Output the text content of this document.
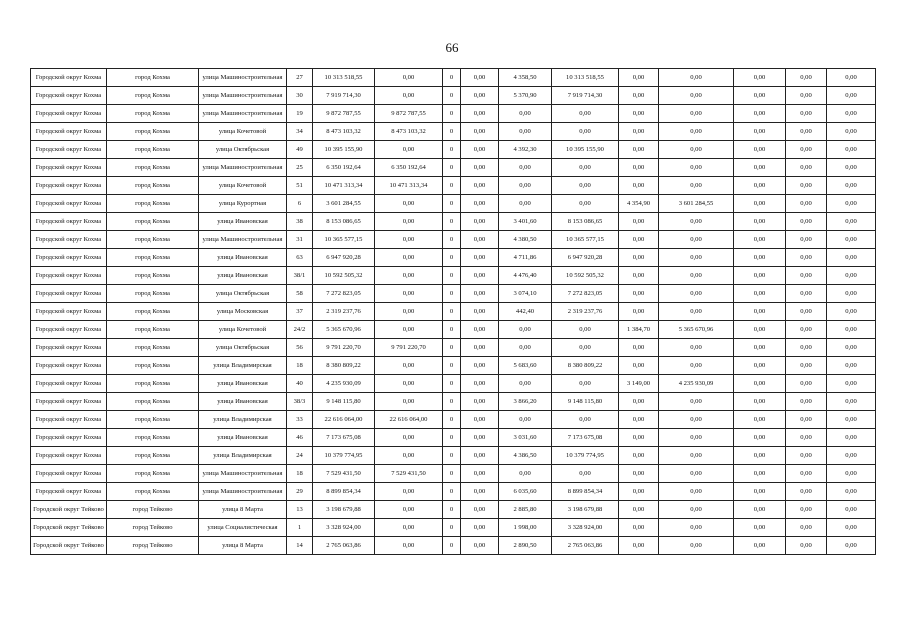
66
Городской округ Кохма	город Кохма	улица Машиностроительная	27	10 313 518,55	0,00	0	0,00	4 358,50	10 313 518,55	0,00	0,00	0,00	0,00	0,00
Городской округ Кохма	город Кохма	улица Машиностроительная	30	7 919 714,30	0,00	0	0,00	5 370,90	7 919 714,30	0,00	0,00	0,00	0,00	0,00
Городской округ Кохма	город Кохма	улица Машиностроительная	19	9 872 787,55	9 872 787,55	0	0,00	0,00	0,00	0,00	0,00	0,00	0,00	0,00
Городской округ Кохма	город Кохма	улица Кочетовой	34	8 473 103,32	8 473 103,32	0	0,00	0,00	0,00	0,00	0,00	0,00	0,00	0,00
Городской округ Кохма	город Кохма	улица Октябрьская	49	10 395 155,90	0,00	0	0,00	4 392,30	10 395 155,90	0,00	0,00	0,00	0,00	0,00
Городской округ Кохма	город Кохма	улица Машиностроительная	25	6 350 192,64	6 350 192,64	0	0,00	0,00	0,00	0,00	0,00	0,00	0,00	0,00
Городской округ Кохма	город Кохма	улица Кочетовой	51	10 471 313,34	10 471 313,34	0	0,00	0,00	0,00	0,00	0,00	0,00	0,00	0,00
Городской округ Кохма	город Кохма	улица Курортная	6	3 601 284,55	0,00	0	0,00	0,00	0,00	4 354,90	3 601 284,55	0,00	0,00	0,00
Городской округ Кохма	город Кохма	улица Ивановская	38	8 153 086,65	0,00	0	0,00	3 401,60	8 153 086,65	0,00	0,00	0,00	0,00	0,00
Городской округ Кохма	город Кохма	улица Машиностроительная	31	10 365 577,15	0,00	0	0,00	4 380,50	10 365 577,15	0,00	0,00	0,00	0,00	0,00
Городской округ Кохма	город Кохма	улица Ивановская	63	6 947 920,28	0,00	0	0,00	4 711,86	6 947 920,28	0,00	0,00	0,00	0,00	0,00
Городской округ Кохма	город Кохма	улица Ивановская	38/1	10 592 505,32	0,00	0	0,00	4 476,40	10 592 505,32	0,00	0,00	0,00	0,00	0,00
Городской округ Кохма	город Кохма	улица Октябрьская	58	7 272 823,05	0,00	0	0,00	3 074,10	7 272 823,05	0,00	0,00	0,00	0,00	0,00
Городской округ Кохма	город Кохма	улица Московская	37	2 319 237,76	0,00	0	0,00	442,40	2 319 237,76	0,00	0,00	0,00	0,00	0,00
Городской округ Кохма	город Кохма	улица Кочетовой	24/2	5 365 670,96	0,00	0	0,00	0,00	0,00	1 384,70	5 365 670,96	0,00	0,00	0,00
Городской округ Кохма	город Кохма	улица Октябрьская	56	9 791 220,70	9 791 220,70	0	0,00	0,00	0,00	0,00	0,00	0,00	0,00	0,00
Городской округ Кохма	город Кохма	улица Владимирская	18	8 380 809,22	0,00	0	0,00	5 683,60	8 380 809,22	0,00	0,00	0,00	0,00	0,00
Городской округ Кохма	город Кохма	улица Ивановская	40	4 235 930,09	0,00	0	0,00	0,00	0,00	3 149,00	4 235 930,09	0,00	0,00	0,00
Городской округ Кохма	город Кохма	улица Ивановская	38/3	9 148 115,80	0,00	0	0,00	3 866,20	9 148 115,80	0,00	0,00	0,00	0,00	0,00
Городской округ Кохма	город Кохма	улица Владимирская	33	22 616 064,00	22 616 064,00	0	0,00	0,00	0,00	0,00	0,00	0,00	0,00	0,00
Городской округ Кохма	город Кохма	улица Ивановская	46	7 173 675,08	0,00	0	0,00	3 031,60	7 173 675,08	0,00	0,00	0,00	0,00	0,00
Городской округ Кохма	город Кохма	улица Владимирская	24	10 379 774,95	0,00	0	0,00	4 386,50	10 379 774,95	0,00	0,00	0,00	0,00	0,00
Городской округ Кохма	город Кохма	улица Машиностроительная	18	7 529 431,50	7 529 431,50	0	0,00	0,00	0,00	0,00	0,00	0,00	0,00	0,00
Городской округ Кохма	город Кохма	улица Машиностроительная	29	8 899 854,34	0,00	0	0,00	6 035,60	8 899 854,34	0,00	0,00	0,00	0,00	0,00
Городской округ Тейково	город Тейково	улица 8 Марта	13	3 198 679,88	0,00	0	0,00	2 885,80	3 198 679,88	0,00	0,00	0,00	0,00	0,00
Городской округ Тейково	город Тейково	улица Социалистическая	1	3 328 924,00	0,00	0	0,00	1 998,00	3 328 924,00	0,00	0,00	0,00	0,00	0,00
Городской округ Тейково	город Тейково	улица 8 Марта	14	2 765 063,86	0,00	0	0,00	2 890,50	2 765 063,86	0,00	0,00	0,00	0,00	0,00
